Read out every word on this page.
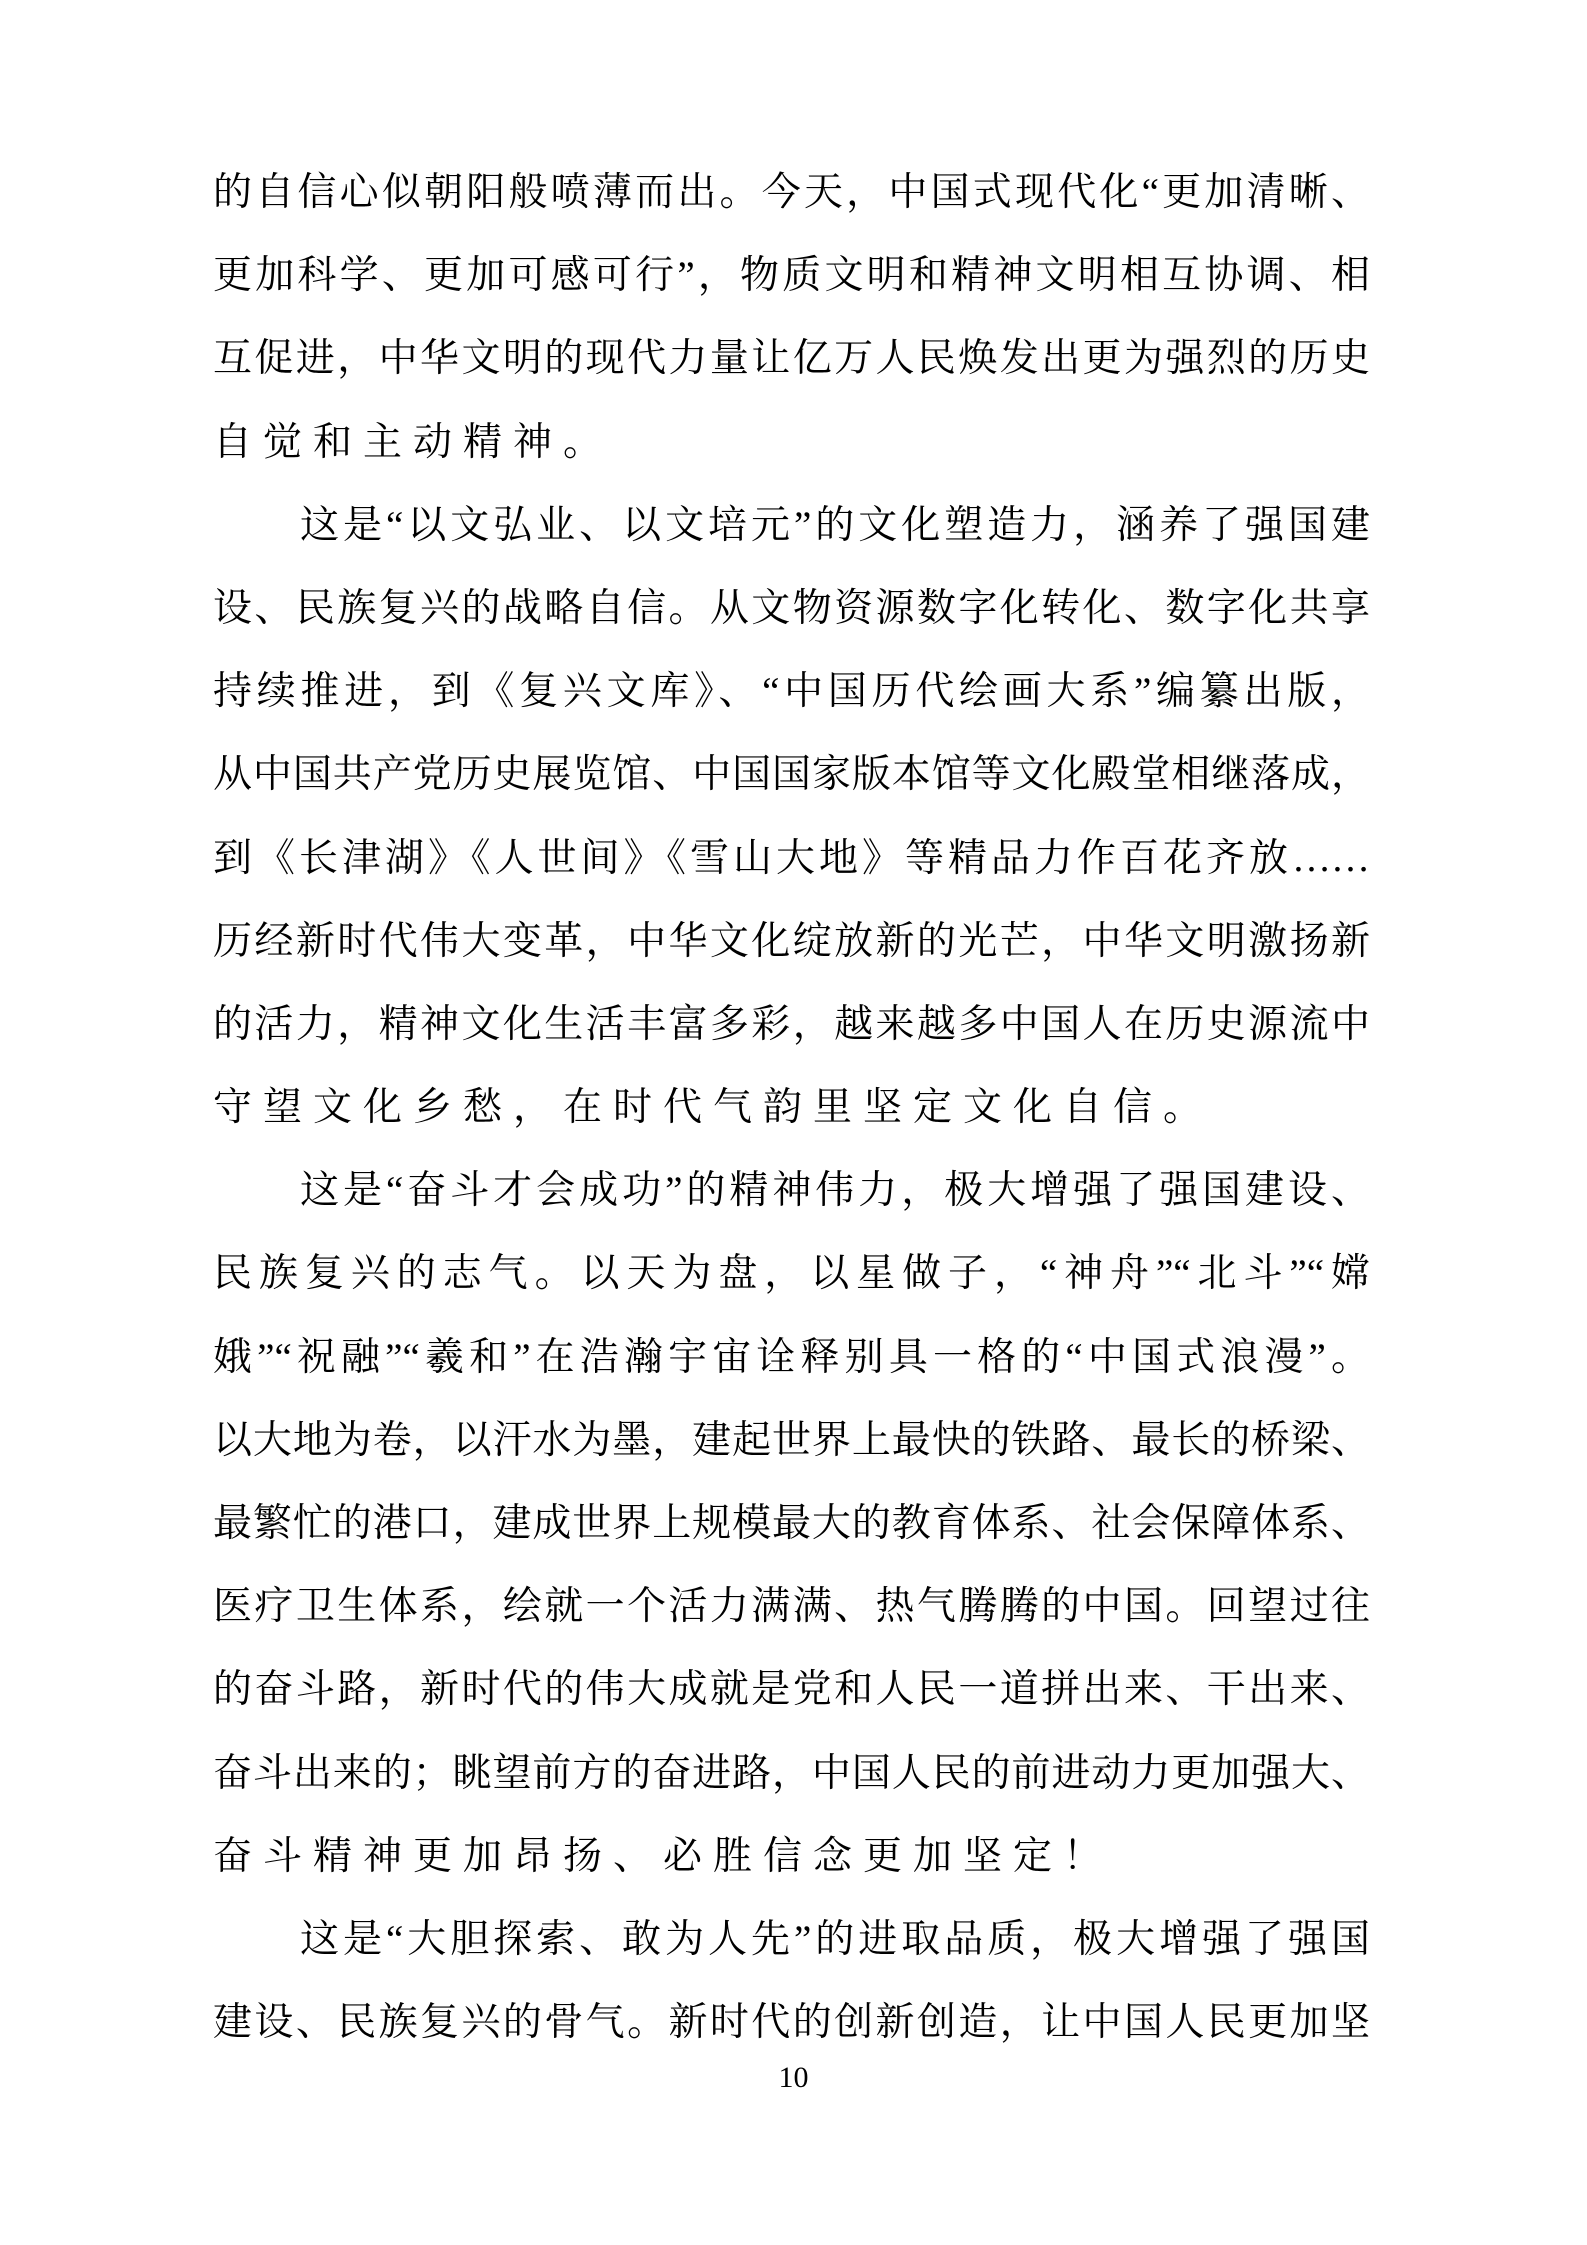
的自信心似朝阳般喷薄而出。今天，中国式现代化“更加清晰、
更加科学、更加可感可行”，物质文明和精神文明相互协调、相
互促进，中华文明的现代力量让亿万人民焕发出更为强烈的历史
自觉和主动精神。
这是“以文弘业、以文培元”的文化塑造力，涵养了强国建
设、民族复兴的战略自信。从文物资源数字化转化、数字化共享
持续推进，到《复兴文库》、“中国历代绘画大系”编纂出版，
从中国共产党历史展览馆、中国国家版本馆等文化殿堂相继落成，
到《长津湖》《人世间》《雪山大地》等精品力作百花齐放……
历经新时代伟大变革，中华文化绽放新的光芒，中华文明激扬新
的活力，精神文化生活丰富多彩，越来越多中国人在历史源流中
守望文化乡愁，在时代气韵里坚定文化自信。
这是“奋斗才会成功”的精神伟力，极大增强了强国建设、
民族复兴的志气。以天为盘，以星做子，“神舟”“北斗”“嫦
娥”“祝融”“羲和”在浩瀚宇宙诠释别具一格的“中国式浪漫”。
以大地为卷，以汗水为墨，建起世界上最快的铁路、最长的桥梁、
最繁忙的港口，建成世界上规模最大的教育体系、社会保障体系、
医疗卫生体系，绘就一个活力满满、热气腾腾的中国。回望过往
的奋斗路，新时代的伟大成就是党和人民一道拼出来、干出来、
奋斗出来的；眺望前方的奋进路，中国人民的前进动力更加强大、
奋斗精神更加昂扬、必胜信念更加坚定！
这是“大胆探索、敢为人先”的进取品质，极大增强了强国
建设、民族复兴的骨气。新时代的创新创造，让中国人民更加坚
10
